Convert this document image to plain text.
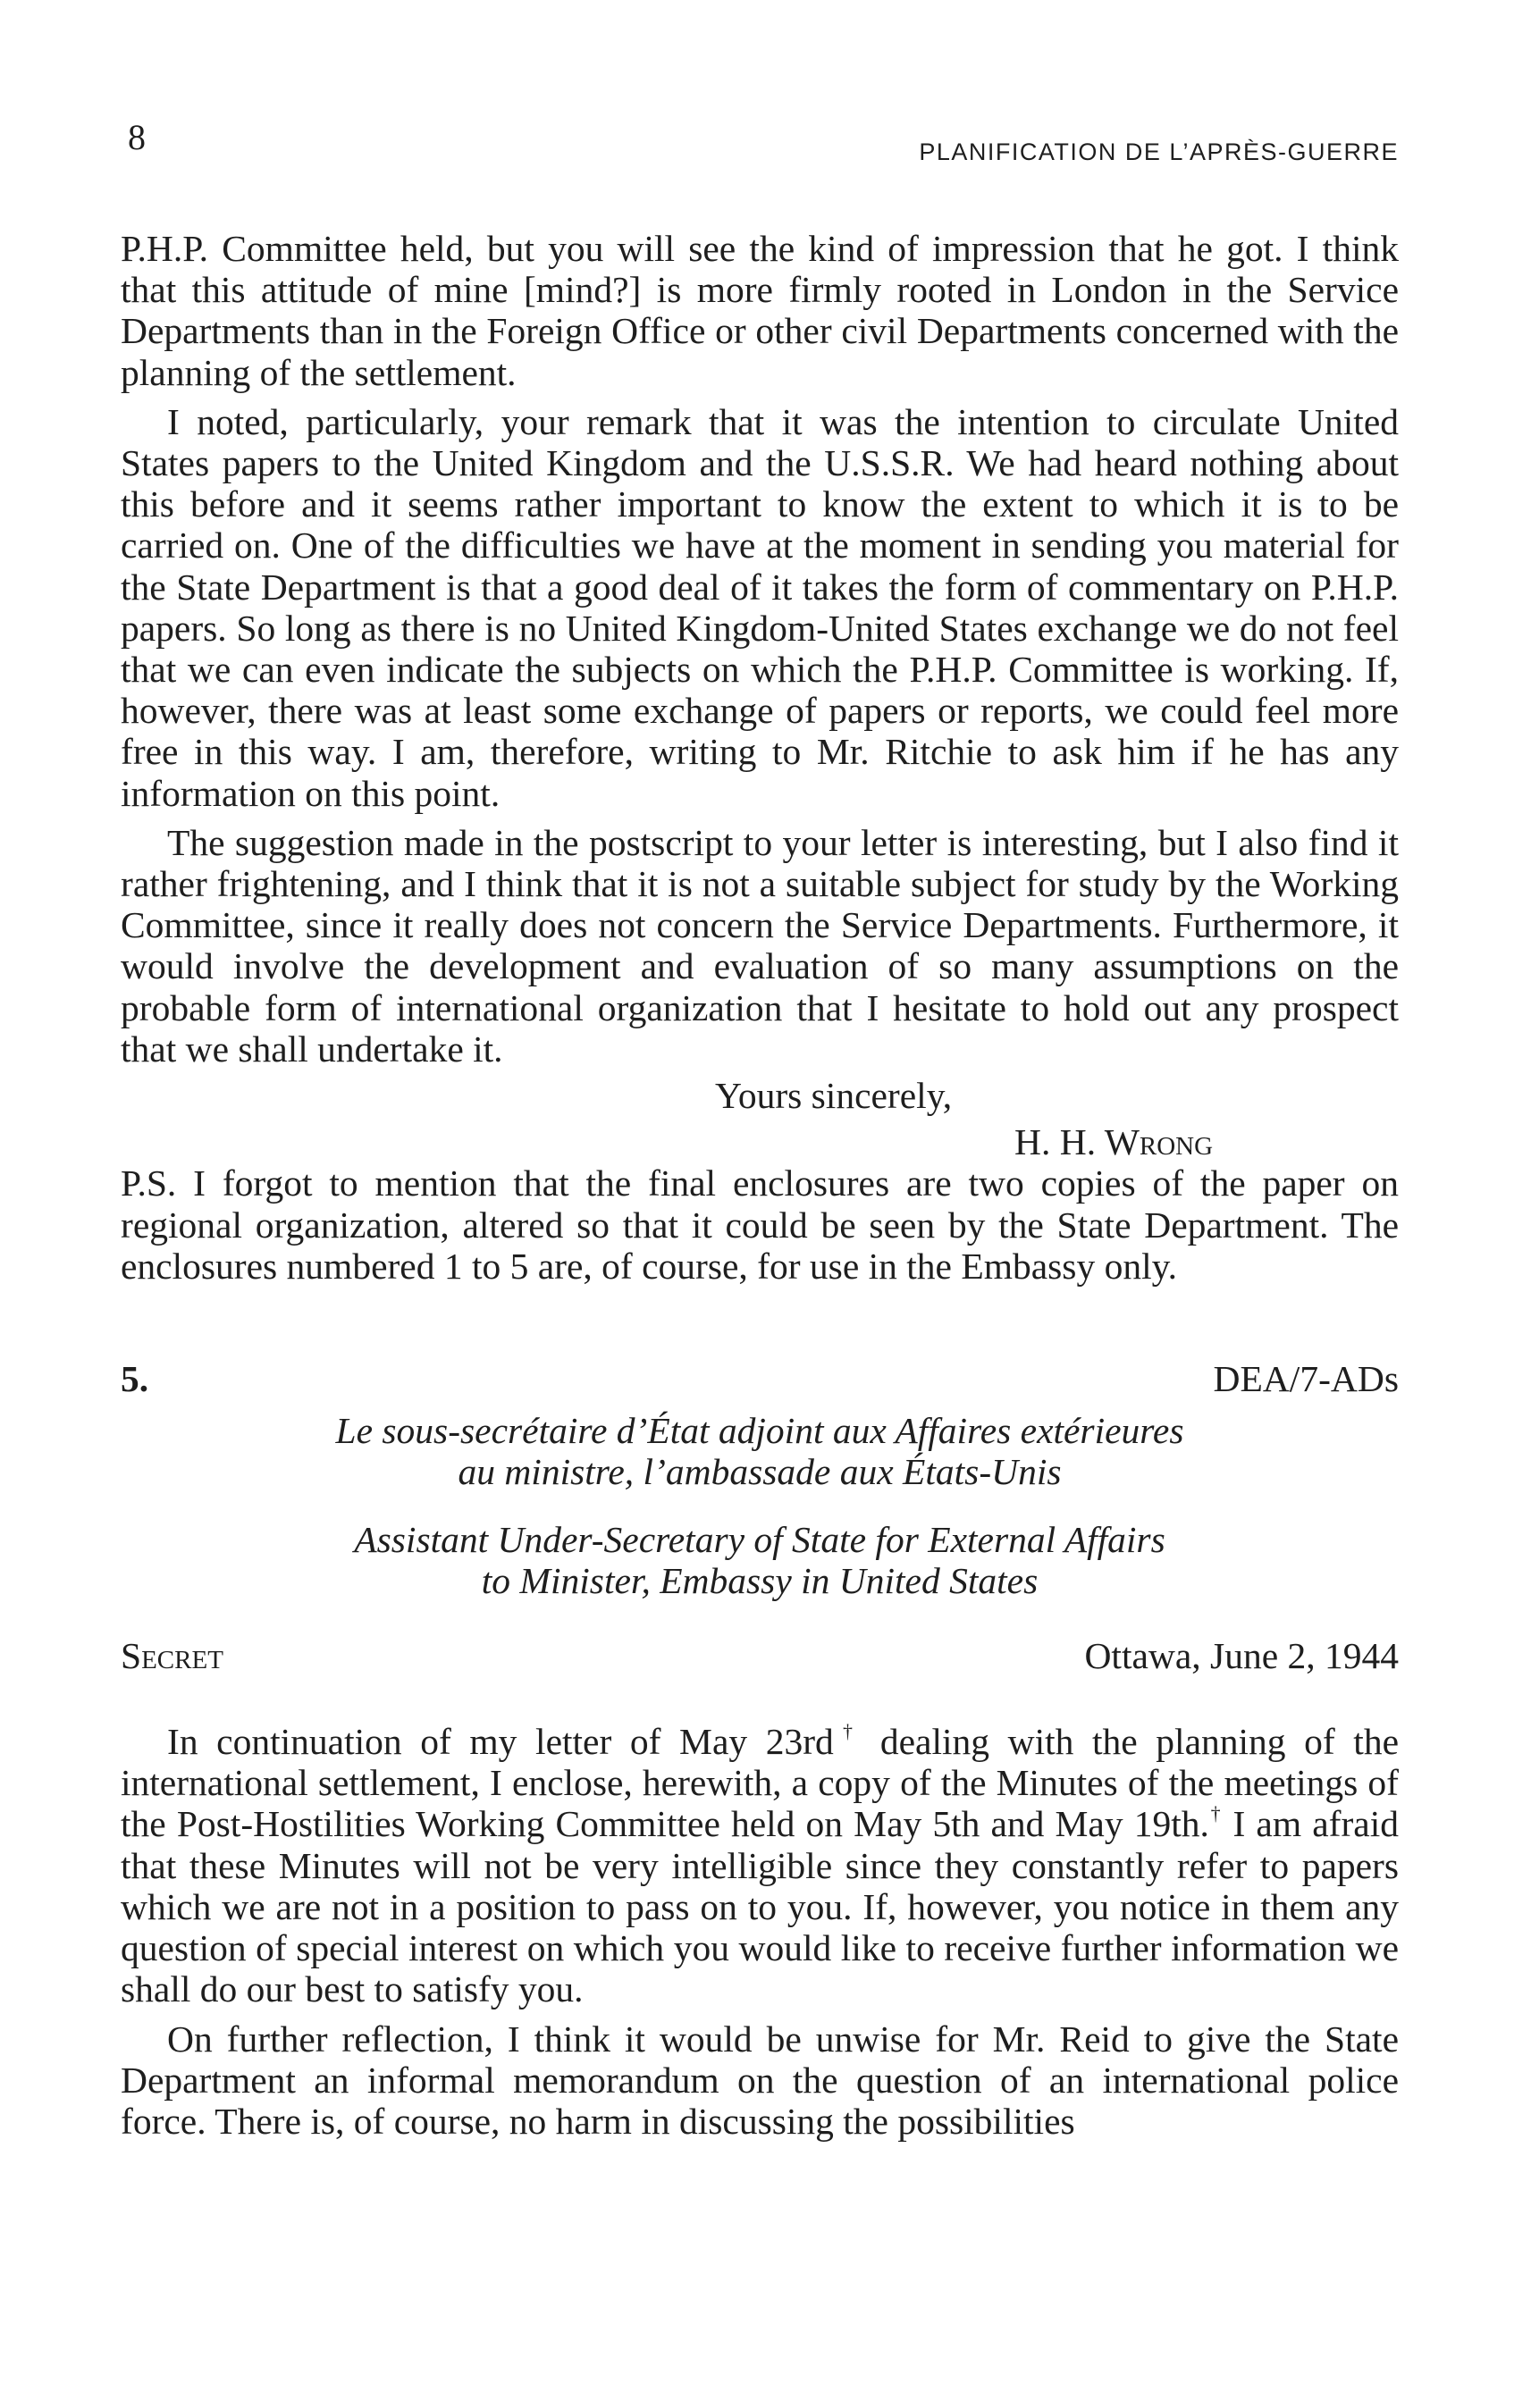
8	PLANIFICATION DE L’APRÈS-GUERRE

P.H.P. Committee held, but you will see the kind of impression that he got. I think that this attitude of mine [mind?] is more firmly rooted in London in the Service Departments than in the Foreign Office or other civil Departments concerned with the planning of the settlement.

I noted, particularly, your remark that it was the intention to circulate United States papers to the United Kingdom and the U.S.S.R. We had heard nothing about this before and it seems rather important to know the extent to which it is to be carried on. One of the difficulties we have at the moment in sending you material for the State Department is that a good deal of it takes the form of commentary on P.H.P. papers. So long as there is no United Kingdom-United States exchange we do not feel that we can even indicate the subjects on which the P.H.P. Committee is working. If, however, there was at least some exchange of papers or reports, we could feel more free in this way. I am, therefore, writing to Mr. Ritchie to ask him if he has any information on this point.

The suggestion made in the postscript to your letter is interesting, but I also find it rather frightening, and I think that it is not a suitable subject for study by the Working Committee, since it really does not concern the Service Departments. Furthermore, it would involve the development and evaluation of so many assumptions on the probable form of international organization that I hesitate to hold out any prospect that we shall undertake it.

Yours sincerely,
H. H. Wrong

P.S. I forgot to mention that the final enclosures are two copies of the paper on regional organization, altered so that it could be seen by the State Department. The enclosures numbered 1 to 5 are, of course, for use in the Embassy only.

5.	DEA/7-ADs
Le sous-secrétaire d’État adjoint aux Affaires extérieures
au ministre, l’ambassade aux États-Unis
Assistant Under-Secretary of State for External Affairs
to Minister, Embassy in United States
Secret	Ottawa, June 2, 1944

In continuation of my letter of May 23rd† dealing with the planning of the international settlement, I enclose, herewith, a copy of the Minutes of the meetings of the Post-Hostilities Working Committee held on May 5th and May 19th.† I am afraid that these Minutes will not be very intelligible since they constantly refer to papers which we are not in a position to pass on to you. If, however, you notice in them any question of special interest on which you would like to receive further information we shall do our best to satisfy you.

On further reflection, I think it would be unwise for Mr. Reid to give the State Department an informal memorandum on the question of an international police force. There is, of course, no harm in discussing the possibilities
